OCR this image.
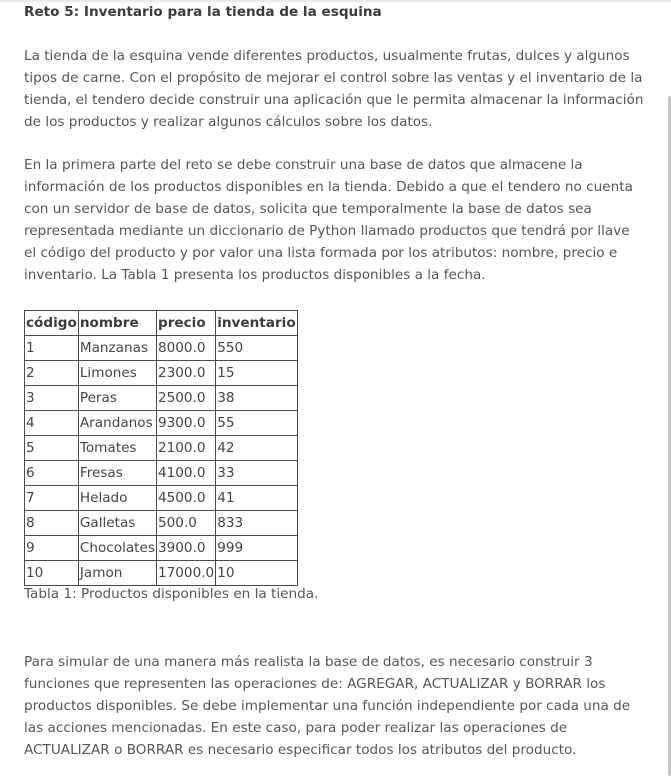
Reto 5: Inventario para la tienda de la esquina

La tienda de la esquina vende diferentes productos, usualmente frutas, dulces y algunos tipos de carne. Con el propósito de mejorar el control sobre las ventas y el inventario de la tienda, el tendero decide construir una aplicación que le permita almacenar la información de los productos y realizar algunos cálculos sobre los datos.

En la primera parte del reto se debe construir una base de datos que almacene la información de los productos disponibles en la tienda. Debido a que el tendero no cuenta con un servidor de base de datos, solicita que temporalmente la base de datos sea representada mediante un diccionario de Python llamado productos que tendrá por llave el código del producto y por valor una lista formada por los atributos: nombre, precio e inventario. La Tabla 1 presenta los productos disponibles a la fecha.

código	nombre	precio	inventario
1	Manzanas	8000.0	550
2	Limones	2300.0	15
3	Peras	2500.0	38
4	Arandanos	9300.0	55
5	Tomates	2100.0	42
6	Fresas	4100.0	33
7	Helado	4500.0	41
8	Galletas	500.0	833
9	Chocolates	3900.0	999
10	Jamon	17000.0	10
Tabla 1: Productos disponibles en la tienda.

Para simular de una manera más realista la base de datos, es necesario construir 3 funciones que representen las operaciones de: AGREGAR, ACTUALIZAR y BORRAR los productos disponibles. Se debe implementar una función independiente por cada una de las acciones mencionadas. En este caso, para poder realizar las operaciones de ACTUALIZAR o BORRAR es necesario especificar todos los atributos del producto.
